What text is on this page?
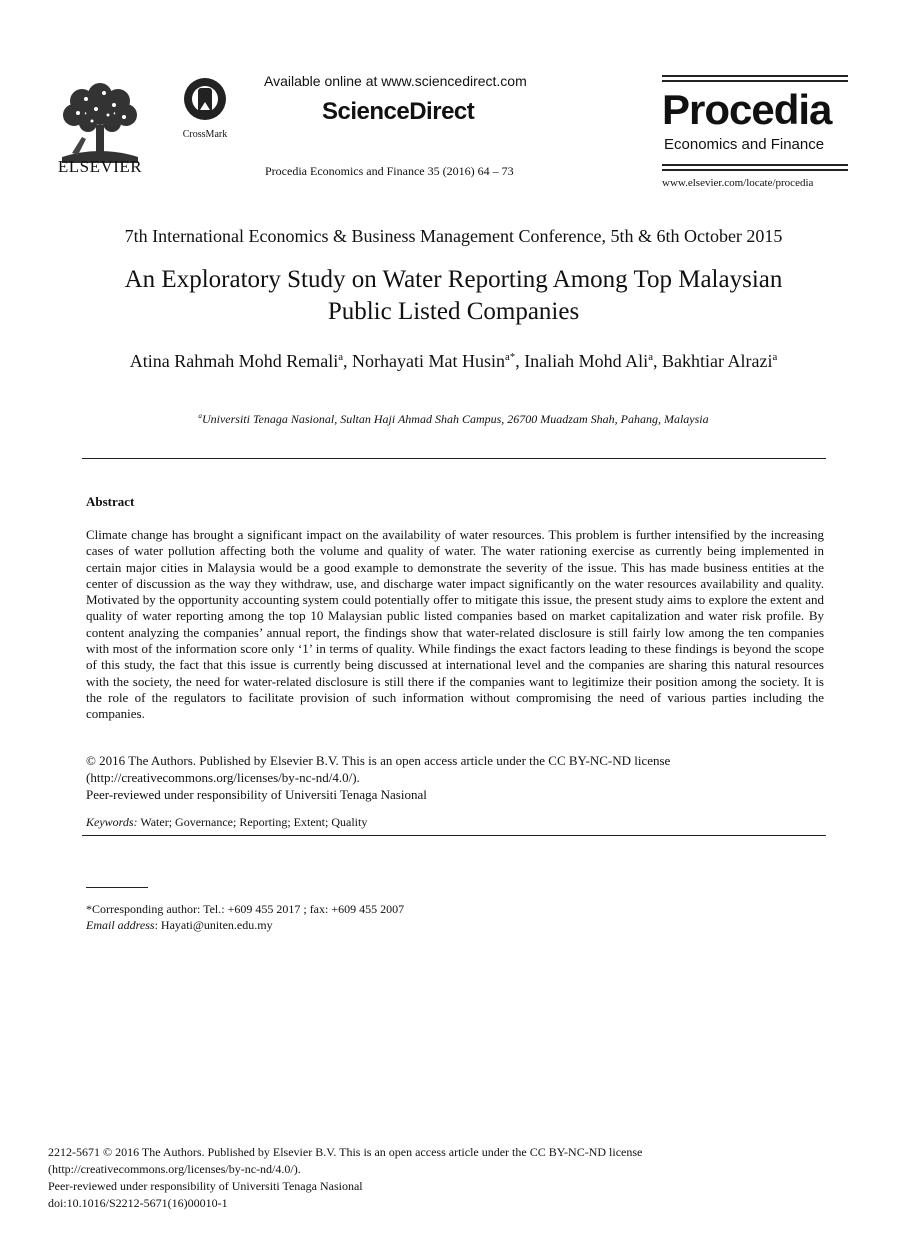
ELSEVIER
CrossMark
Available online at www.sciencedirect.com
ScienceDirect
Procedia Economics and Finance 35 (2016) 64 – 73
Procedia
Economics and Finance
www.elsevier.com/locate/procedia
7th International Economics & Business Management Conference, 5th & 6th October 2015
An Exploratory Study on Water Reporting Among Top Malaysian
Public Listed Companies
Atina Rahmah Mohd Remali$^a$, Norhayati Mat Husin$^{a*}$, Inaliah Mohd Ali$^a$, Bakhtiar Alrazi$^a$
$^a$Universiti Tenaga Nasional, Sultan Haji Ahmad Shah Campus, 26700 Muadzam Shah, Pahang, Malaysia
Abstract
Climate change has brought a significant impact on the availability of water resources. This problem is further intensified by the increasing cases of water pollution affecting both the volume and quality of water. The water rationing exercise as currently being implemented in certain major cities in Malaysia would be a good example to demonstrate the severity of the issue. This has made business entities at the center of discussion as the way they withdraw, use, and discharge water impact significantly on the water resources availability and quality. Motivated by the opportunity accounting system could potentially offer to mitigate this issue, the present study aims to explore the extent and quality of water reporting among the top 10 Malaysian public listed companies based on market capitalization and water risk profile. By content analyzing the companies’ annual report, the findings show that water-related disclosure is still fairly low among the ten companies with most of the information score only ‘1’ in terms of quality. While findings the exact factors leading to these findings is beyond the scope of this study, the fact that this issue is currently being discussed at international level and the companies are sharing this natural resources with the society, the need for water-related disclosure is still there if the companies want to legitimize their position among the society. It is the role of the regulators to facilitate provision of such information without compromising the need of various parties including the companies.
© 2016 The Authors. Published by Elsevier B.V. This is an open access article under the CC BY-NC-ND license
(http://creativecommons.org/licenses/by-nc-nd/4.0/).
Peer-reviewed under responsibility of Universiti Tenaga Nasional
Keywords: Water; Governance; Reporting; Extent; Quality
*Corresponding author: Tel.: +609 455 2017 ; fax: +609 455 2007
Email address: Hayati@uniten.edu.my
2212-5671 © 2016 The Authors. Published by Elsevier B.V. This is an open access article under the CC BY-NC-ND license
(http://creativecommons.org/licenses/by-nc-nd/4.0/).
Peer-reviewed under responsibility of Universiti Tenaga Nasional
doi:10.1016/S2212-5671(16)00010-1
